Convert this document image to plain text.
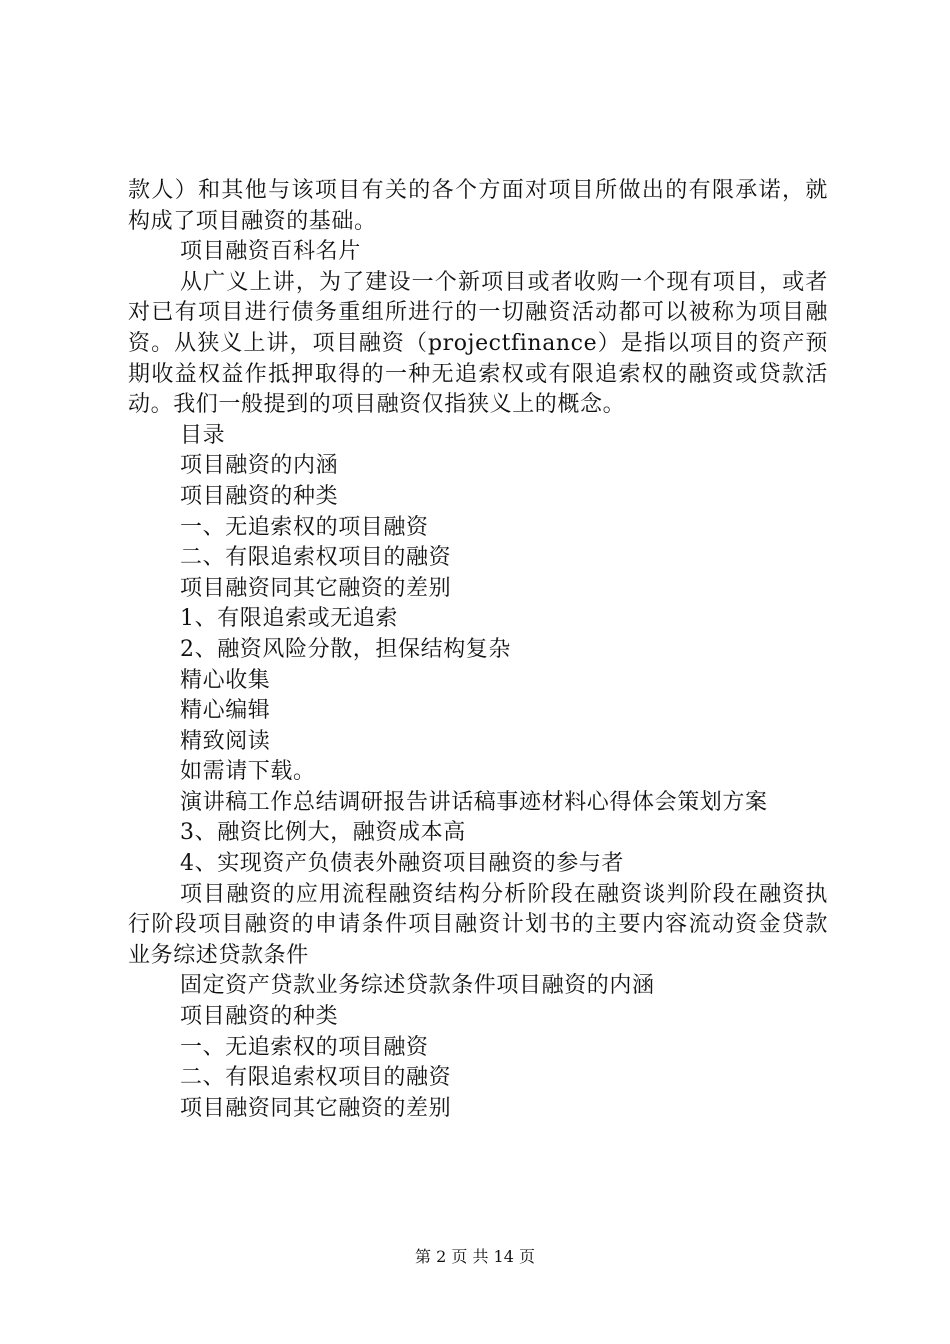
款人）和其他与该项目有关的各个方面对项目所做出的有限承诺，就构成了项目融资的基础。

项目融资百科名片

从广义上讲，为了建设一个新项目或者收购一个现有项目，或者对已有项目进行债务重组所进行的一切融资活动都可以被称为项目融资。从狭义上讲，项目融资（projectfinance）是指以项目的资产预期收益权益作抵押取得的一种无追索权或有限追索权的融资或贷款活动。我们一般提到的项目融资仅指狭义上的概念。

目录

项目融资的内涵

项目融资的种类

一、无追索权的项目融资

二、有限追索权项目的融资

项目融资同其它融资的差别

1、有限追索或无追索

2、融资风险分散，担保结构复杂

精心收集

精心编辑

精致阅读

如需请下载。

演讲稿工作总结调研报告讲话稿事迹材料心得体会策划方案

3、融资比例大，融资成本高

4、实现资产负债表外融资项目融资的参与者

项目融资的应用流程融资结构分析阶段在融资谈判阶段在融资执行阶段项目融资的申请条件项目融资计划书的主要内容流动资金贷款业务综述贷款条件

固定资产贷款业务综述贷款条件项目融资的内涵

项目融资的种类

一、无追索权的项目融资

二、有限追索权项目的融资

项目融资同其它融资的差别

第 2 页 共 14 页
